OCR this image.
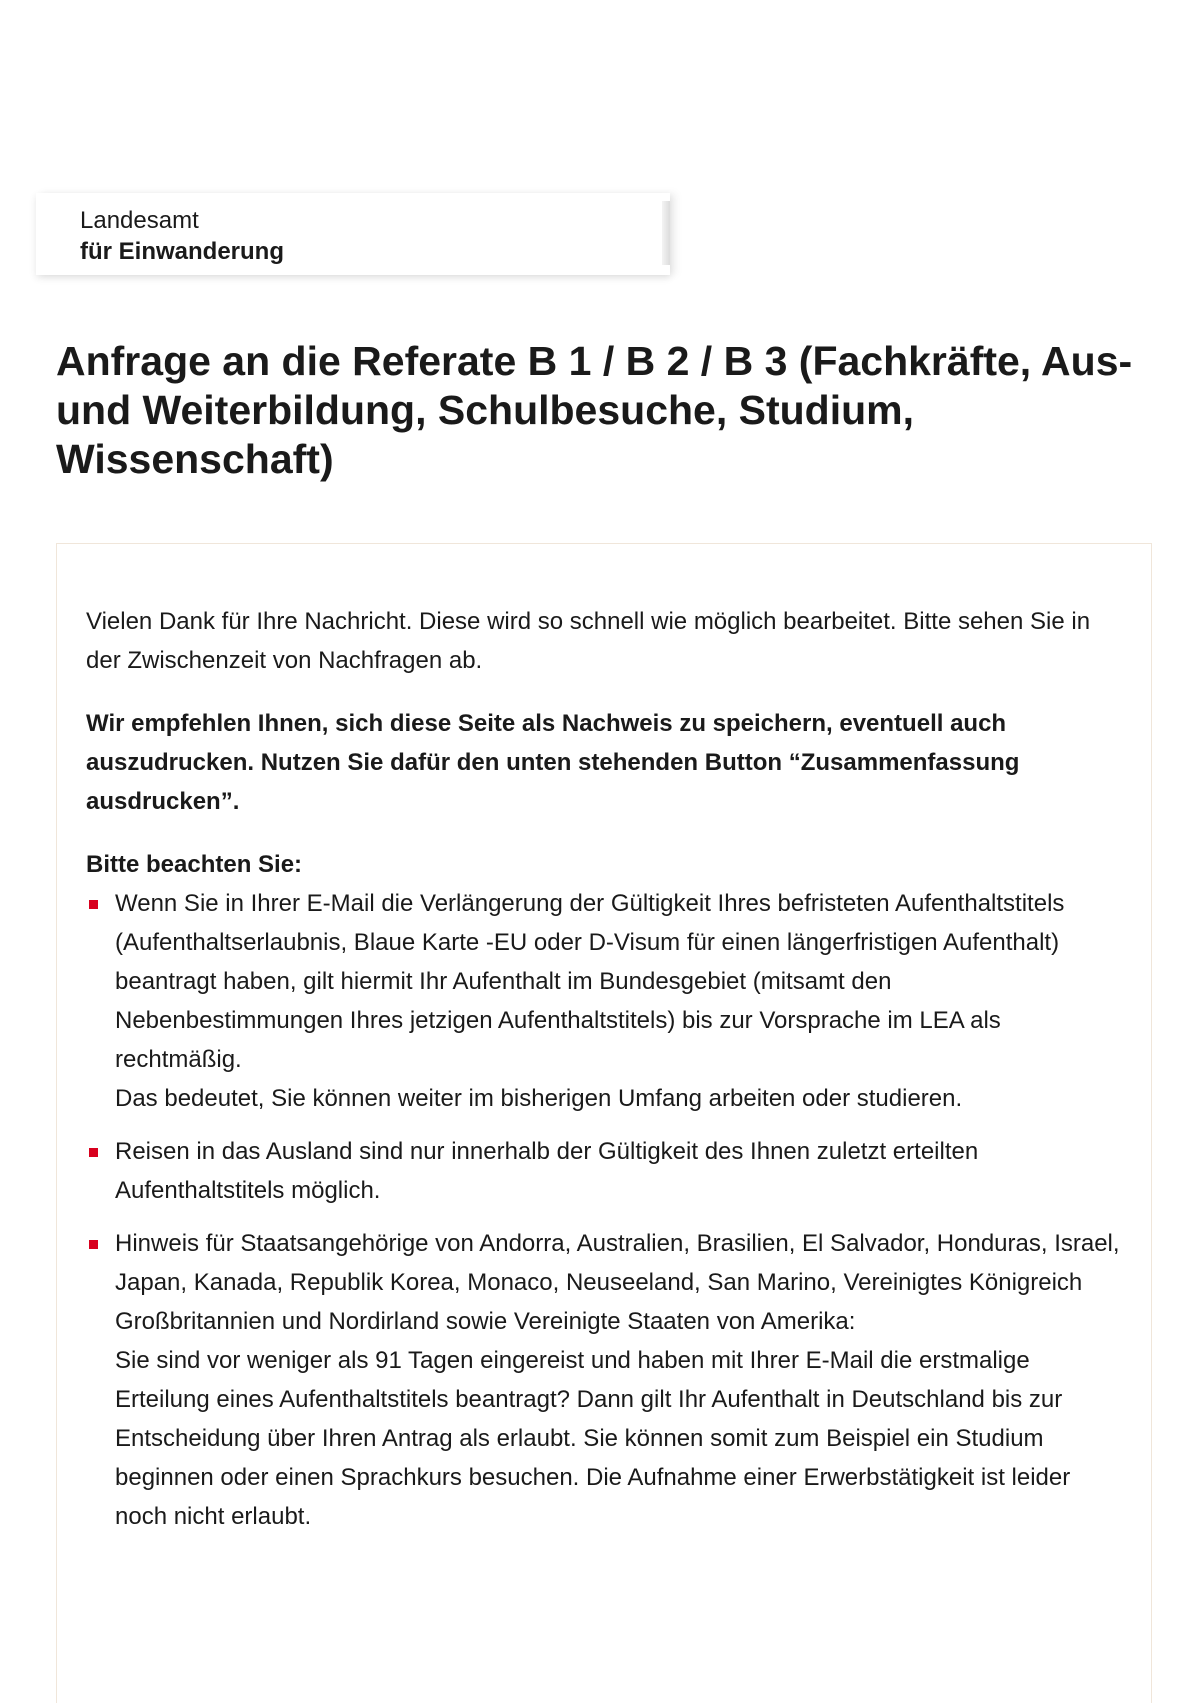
Landesamt
für Einwanderung
Anfrage an die Referate B 1 / B 2 / B 3 (Fachkräfte, Aus- und Weiterbildung, Schulbesuche, Studium, Wissenschaft)

Vielen Dank für Ihre Nachricht. Diese wird so schnell wie möglich bearbeitet. Bitte sehen Sie in der Zwischenzeit von Nachfragen ab.

Wir empfehlen Ihnen, sich diese Seite als Nachweis zu speichern, eventuell auch auszudrucken. Nutzen Sie dafür den unten stehenden Button “Zusammenfassung ausdrucken”.

Bitte beachten Sie:

Wenn Sie in Ihrer E-Mail die Verlängerung der Gültigkeit Ihres befristeten Aufenthaltstitels (Aufenthaltserlaubnis, Blaue Karte -EU oder D-Visum für einen längerfristigen Aufenthalt) beantragt haben, gilt hiermit Ihr Aufenthalt im Bundesgebiet (mitsamt den Nebenbestimmungen Ihres jetzigen Aufenthaltstitels) bis zur Vorsprache im LEA als rechtmäßig.
Das bedeutet, Sie können weiter im bisherigen Umfang arbeiten oder studieren.
Reisen in das Ausland sind nur innerhalb der Gültigkeit des Ihnen zuletzt erteilten Aufenthaltstitels möglich.
Hinweis für Staatsangehörige von Andorra, Australien, Brasilien, El Salvador, Honduras, Israel, Japan, Kanada, Republik Korea, Monaco, Neuseeland, San Marino, Vereinigtes Königreich Großbritannien und Nordirland sowie Vereinigte Staaten von Amerika:
Sie sind vor weniger als 91 Tagen eingereist und haben mit Ihrer E-Mail die erstmalige Erteilung eines Aufenthaltstitels beantragt? Dann gilt Ihr Aufenthalt in Deutschland bis zur Entscheidung über Ihren Antrag als erlaubt. Sie können somit zum Beispiel ein Studium beginnen oder einen Sprachkurs besuchen. Die Aufnahme einer Erwerbstätigkeit ist leider noch nicht erlaubt.
